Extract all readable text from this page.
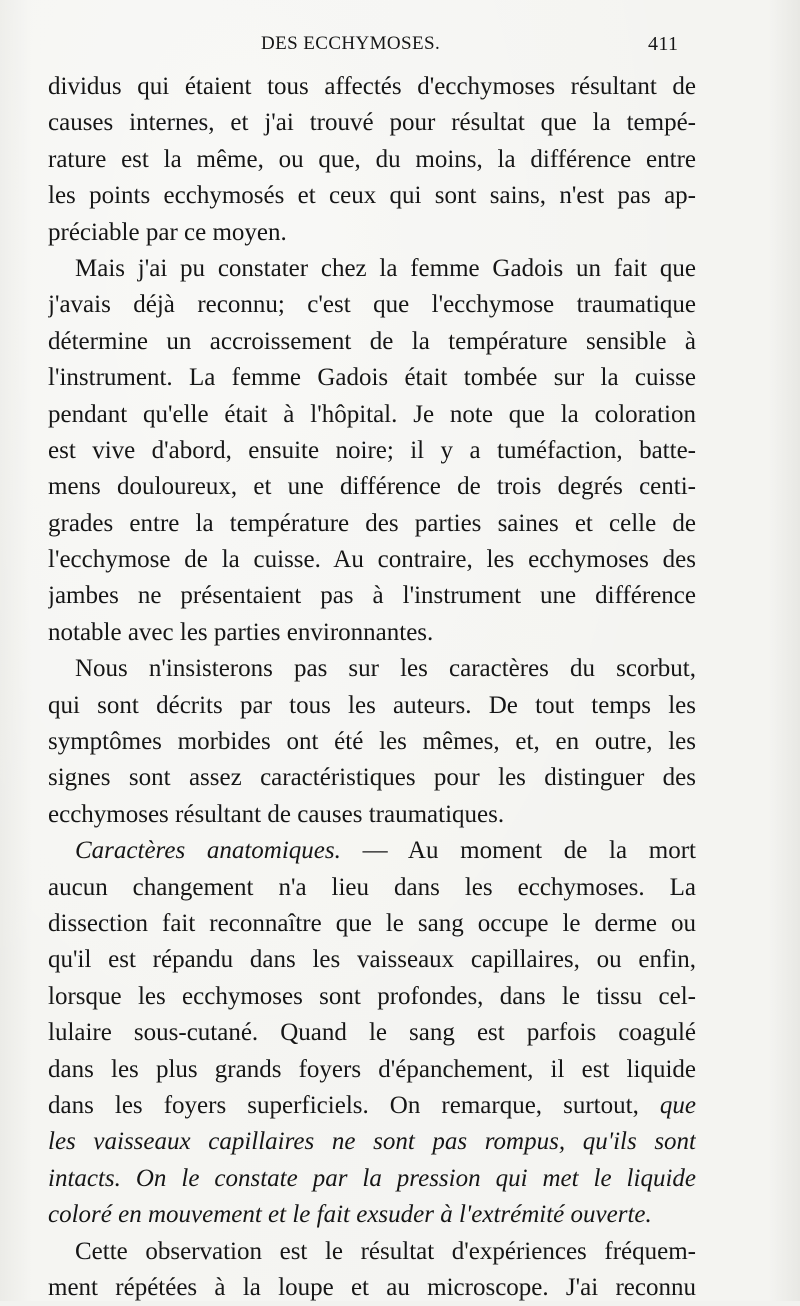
DES ECCHYMOSES.	411
dividus qui étaient tous affectés d'ecchymoses résultant de
causes internes, et j'ai trouvé pour résultat que la tempé-
rature est la même, ou que, du moins, la différence entre
les points ecchymosés et ceux qui sont sains, n'est pas ap-
préciable par ce moyen.
Mais j'ai pu constater chez la femme Gadois un fait que
j'avais déjà reconnu; c'est que l'ecchymose traumatique
détermine un accroissement de la température sensible à
l'instrument. La femme Gadois était tombée sur la cuisse
pendant qu'elle était à l'hôpital. Je note que la coloration
est vive d'abord, ensuite noire; il y a tuméfaction, batte-
mens douloureux, et une différence de trois degrés centi-
grades entre la température des parties saines et celle de
l'ecchymose de la cuisse. Au contraire, les ecchymoses des
jambes ne présentaient pas à l'instrument une différence
notable avec les parties environnantes.
Nous n'insisterons pas sur les caractères du scorbut,
qui sont décrits par tous les auteurs. De tout temps les
symptômes morbides ont été les mêmes, et, en outre, les
signes sont assez caractéristiques pour les distinguer des
ecchymoses résultant de causes traumatiques.
Caractères anatomiques. — Au moment de la mort
aucun changement n'a lieu dans les ecchymoses. La
dissection fait reconnaître que le sang occupe le derme ou
qu'il est répandu dans les vaisseaux capillaires, ou enfin,
lorsque les ecchymoses sont profondes, dans le tissu cel-
lulaire sous-cutané. Quand le sang est parfois coagulé
dans les plus grands foyers d'épanchement, il est liquide
dans les foyers superficiels. On remarque, surtout, que
les vaisseaux capillaires ne sont pas rompus, qu'ils sont
intacts. On le constate par la pression qui met le liquide
coloré en mouvement et le fait exsuder à l'extrémité ouverte.
Cette observation est le résultat d'expériences fréquem-
ment répétées à la loupe et au microscope. J'ai reconnu
